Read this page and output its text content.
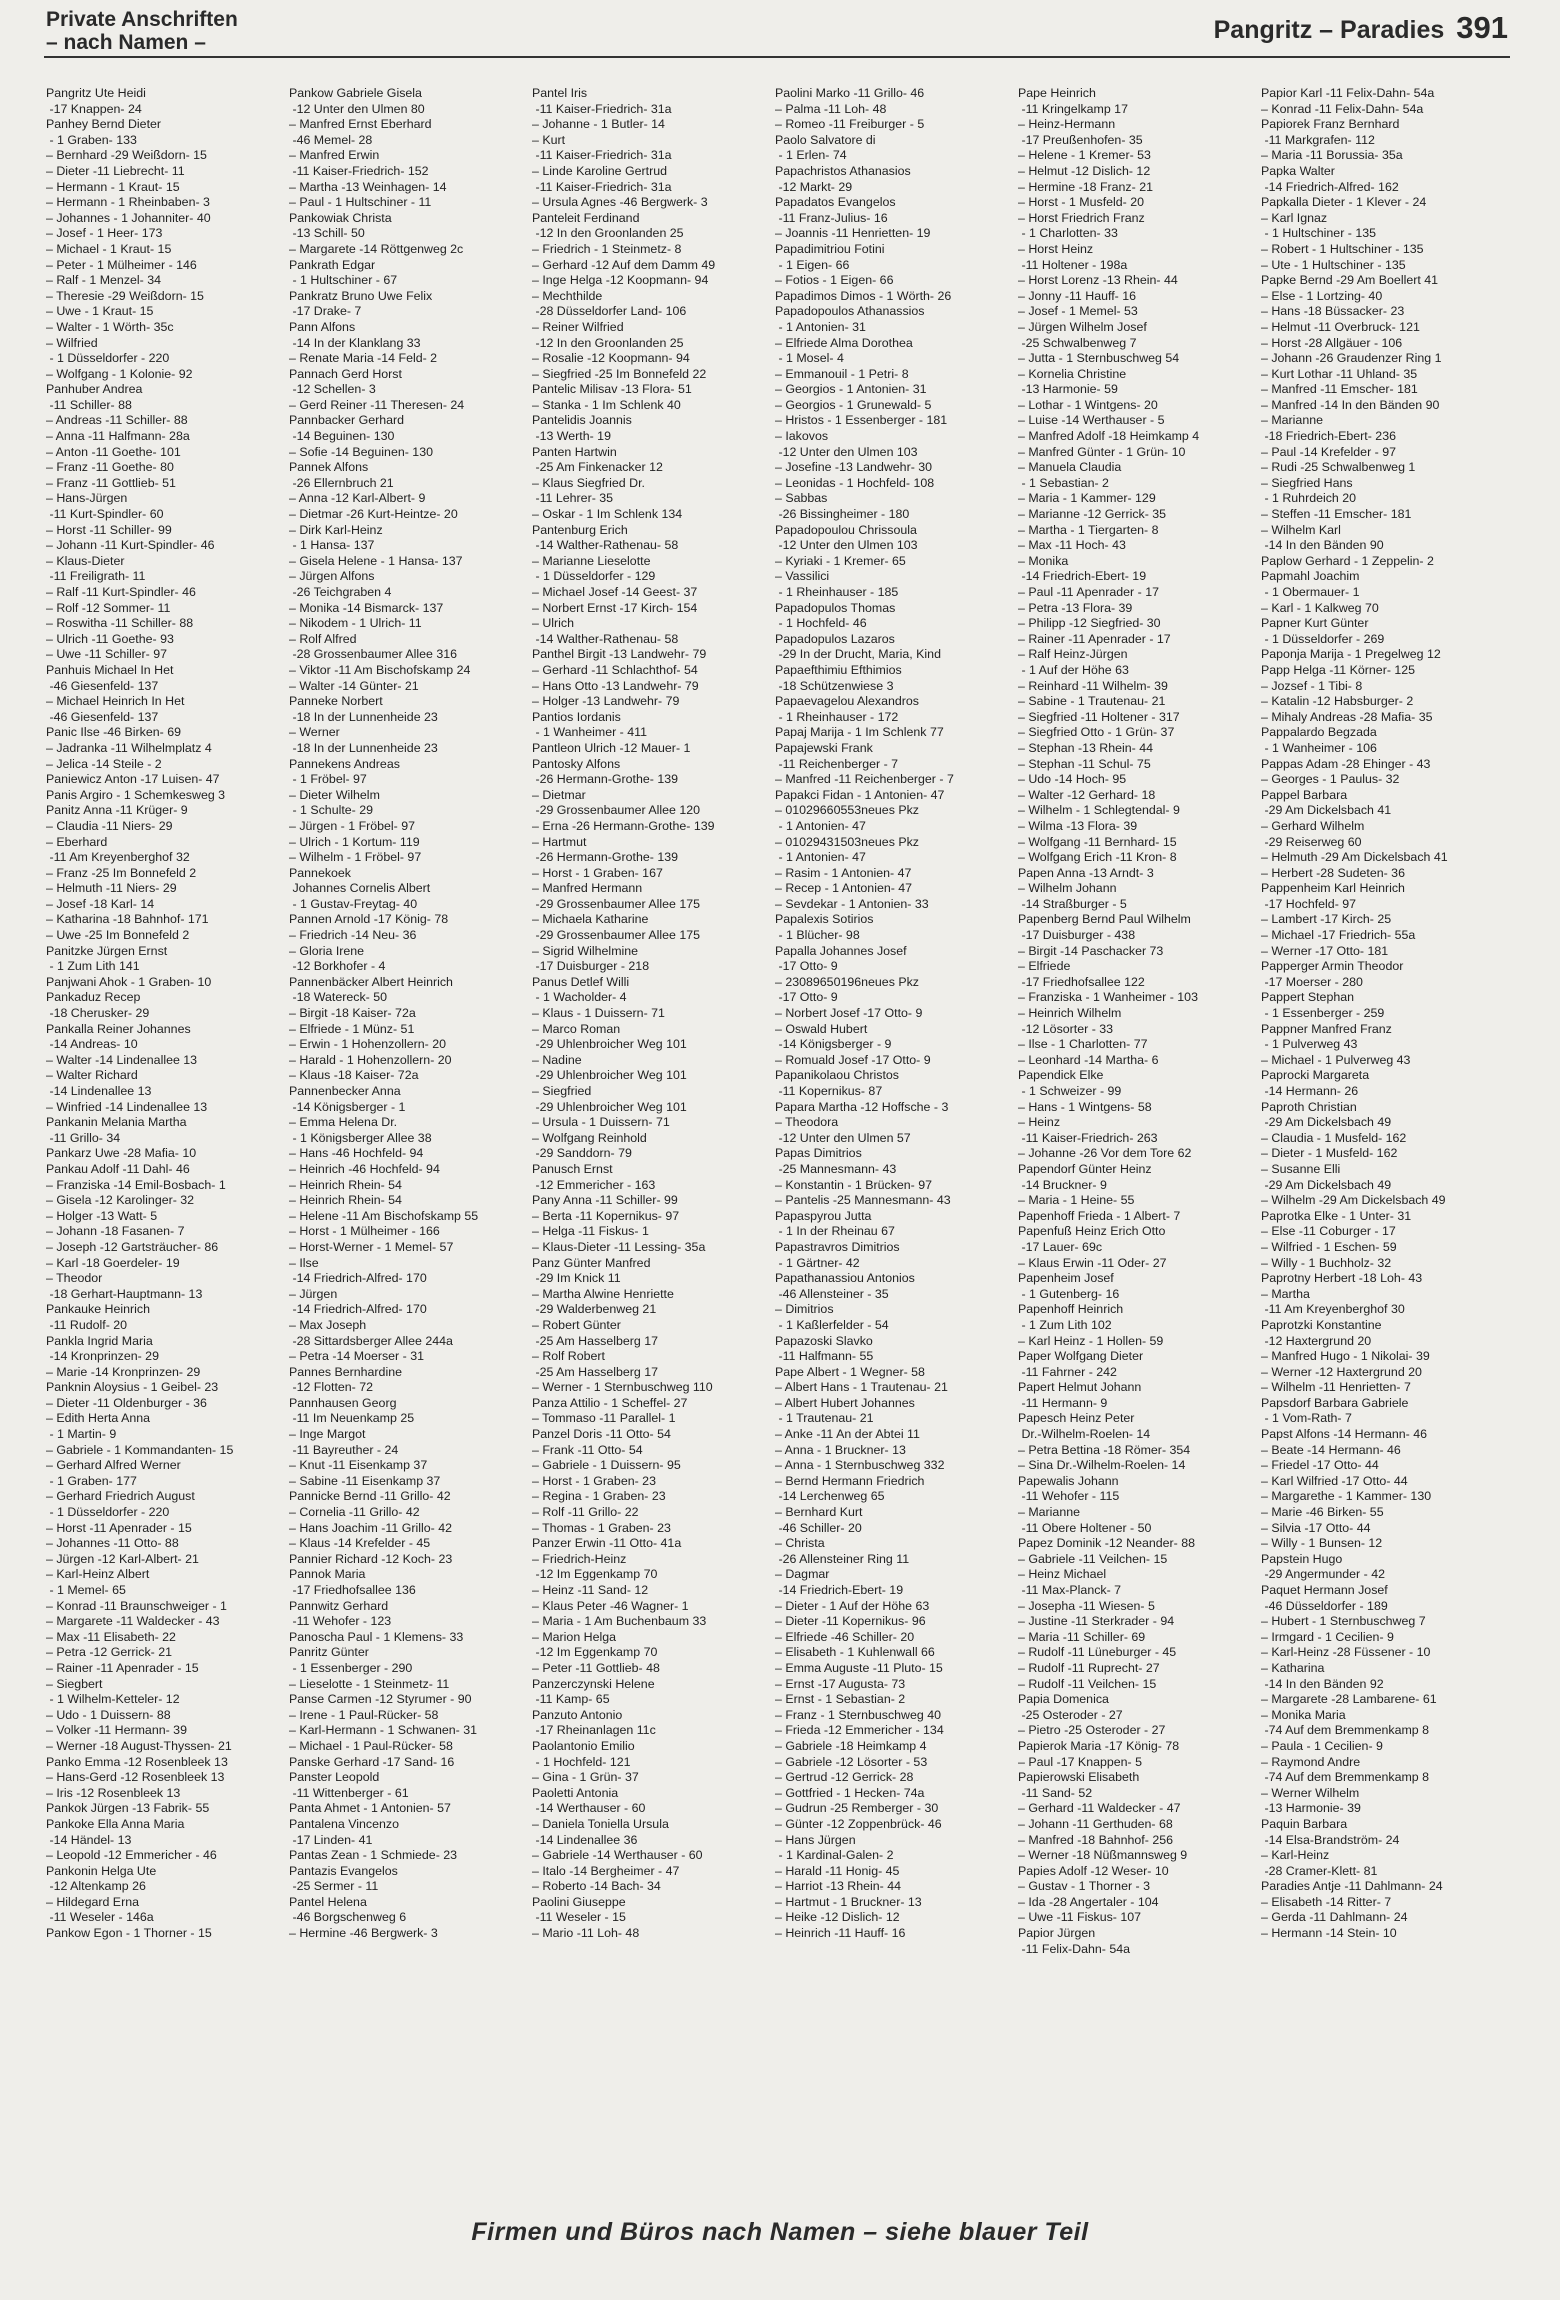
Private Anschriften
– nach Namen –	Pangritz – Paradies 391
Pangritz Ute Heidi
-17 Knappen- 24
Panhey Bernd Dieter
- 1 Graben- 133
– Bernhard -29 Weißdorn- 15
– Dieter -11 Liebrecht- 11
– Hermann - 1 Kraut- 15
– Hermann - 1 Rheinbaben- 3
– Johannes - 1 Johanniter- 40
– Josef - 1 Heer- 173
– Michael - 1 Kraut- 15
– Peter - 1 Mülheimer - 146
– Ralf - 1 Menzel- 34
– Theresie -29 Weißdorn- 15
– Uwe - 1 Kraut- 15
– Walter - 1 Wörth- 35c
– Wilfried
- 1 Düsseldorfer - 220
– Wolfgang - 1 Kolonie- 92
Panhuber Andrea
-11 Schiller- 88
– Andreas -11 Schiller- 88
– Anna -11 Halfmann- 28a
– Anton -11 Goethe- 101
– Franz -11 Goethe- 80
– Franz -11 Gottlieb- 51
– Hans-Jürgen
-11 Kurt-Spindler- 60
– Horst -11 Schiller- 99
– Johann -11 Kurt-Spindler- 46
– Klaus-Dieter
-11 Freiligrath- 11
– Ralf -11 Kurt-Spindler- 46
– Rolf -12 Sommer- 11
– Roswitha -11 Schiller- 88
– Ulrich -11 Goethe- 93
– Uwe -11 Schiller- 97
Panhuis Michael In Het
-46 Giesenfeld- 137
– Michael Heinrich In Het
-46 Giesenfeld- 137
Panic Ilse -46 Birken- 69
– Jadranka -11 Wilhelmplatz 4
– Jelica -14 Steile - 2
Paniewicz Anton -17 Luisen- 47
Panis Argiro - 1 Schemkesweg 3
Panitz Anna -11 Krüger- 9
– Claudia -11 Niers- 29
– Eberhard
-11 Am Kreyenberghof 32
– Franz -25 Im Bonnefeld 2
– Helmuth -11 Niers- 29
– Josef -18 Karl- 14
– Katharina -18 Bahnhof- 171
– Uwe -25 Im Bonnefeld 2
Panitzke Jürgen Ernst
- 1 Zum Lith 141
Panjwani Ahok - 1 Graben- 10
Pankaduz Recep
-18 Cherusker- 29
Pankalla Reiner Johannes
-14 Andreas- 10
– Walter -14 Lindenallee 13
– Walter Richard
-14 Lindenallee 13
– Winfried -14 Lindenallee 13
Pankanin Melania Martha
-11 Grillo- 34
Pankarz Uwe -28 Mafia- 10
Pankau Adolf -11 Dahl- 46
– Franziska -14 Emil-Bosbach- 1
– Gisela -12 Karolinger- 32
– Holger -13 Watt- 5
– Johann -18 Fasanen- 7
– Joseph -12 Gartsträucher- 86
– Karl -18 Goerdeler- 19
– Theodor
-18 Gerhart-Hauptmann- 13
Pankauke Heinrich
-11 Rudolf- 20
Pankla Ingrid Maria
-14 Kronprinzen- 29
– Marie -14 Kronprinzen- 29
Panknin Aloysius - 1 Geibel- 23
– Dieter -11 Oldenburger - 36
– Edith Herta Anna
- 1 Martin- 9
– Gabriele - 1 Kommandanten- 15
– Gerhard Alfred Werner
- 1 Graben- 177
– Gerhard Friedrich August
- 1 Düsseldorfer - 220
– Horst -11 Apenrader - 15
– Johannes -11 Otto- 88
– Jürgen -12 Karl-Albert- 21
– Karl-Heinz Albert
- 1 Memel- 65
– Konrad -11 Braunschweiger - 1
– Margarete -11 Waldecker - 43
– Max -11 Elisabeth- 22
– Petra -12 Gerrick- 21
– Rainer -11 Apenrader - 15
– Siegbert
- 1 Wilhelm-Ketteler- 12
– Udo - 1 Duissern- 88
– Volker -11 Hermann- 39
– Werner -18 August-Thyssen- 21
Panko Emma -12 Rosenbleek 13
– Hans-Gerd -12 Rosenbleek 13
– Iris -12 Rosenbleek 13
Pankok Jürgen -13 Fabrik- 55
Pankoke Ella Anna Maria
-14 Händel- 13
– Leopold -12 Emmericher - 46
Pankonin Helga Ute
-12 Altenkamp 26
– Hildegard Erna
-11 Weseler - 146a
Pankow Egon - 1 Thorner - 15
Pankow Gabriele Gisela
-12 Unter den Ulmen 80
– Manfred Ernst Eberhard
-46 Memel- 28
– Manfred Erwin
-11 Kaiser-Friedrich- 152
– Martha -13 Weinhagen- 14
– Paul - 1 Hultschiner - 11
Pankowiak Christa
-13 Schill- 50
– Margarete -14 Röttgenweg 2c
Pankrath Edgar
- 1 Hultschiner - 67
Pankratz Bruno Uwe Felix
-17 Drake- 7
Pann Alfons
-14 In der Klanklang 33
– Renate Maria -14 Feld- 2
Pannach Gerd Horst
-12 Schellen- 3
– Gerd Reiner -11 Theresen- 24
Pannbacker Gerhard
-14 Beguinen- 130
– Sofie -14 Beguinen- 130
Pannek Alfons
-26 Ellernbruch 21
– Anna -12 Karl-Albert- 9
– Dietmar -26 Kurt-Heintze- 20
– Dirk Karl-Heinz
- 1 Hansa- 137
– Gisela Helene - 1 Hansa- 137
– Jürgen Alfons
-26 Teichgraben 4
– Monika -14 Bismarck- 137
– Nikodem - 1 Ulrich- 11
– Rolf Alfred
-28 Grossenbaumer Allee 316
– Viktor -11 Am Bischofskamp 24
– Walter -14 Günter- 21
Panneke Norbert
-18 In der Lunnenheide 23
– Werner
-18 In der Lunnenheide 23
Pannekens Andreas
- 1 Fröbel- 97
– Dieter Wilhelm
- 1 Schulte- 29
– Jürgen - 1 Fröbel- 97
– Ulrich - 1 Kortum- 119
– Wilhelm - 1 Fröbel- 97
Pannekoek
Johannes Cornelis Albert
- 1 Gustav-Freytag- 40
Pannen Arnold -17 König- 78
– Friedrich -14 Neu- 36
– Gloria Irene
-12 Borkhofer - 4
Pannenbäcker Albert Heinrich
-18 Watereck- 50
– Birgit -18 Kaiser- 72a
– Elfriede - 1 Münz- 51
– Erwin - 1 Hohenzollern- 20
– Harald - 1 Hohenzollern- 20
– Klaus -18 Kaiser- 72a
Pannenbecker Anna
-14 Königsberger - 1
– Emma Helena Dr.
- 1 Königsberger Allee 38
– Hans -46 Hochfeld- 94
– Heinrich -46 Hochfeld- 94
– Heinrich Rhein- 54
– Heinrich Rhein- 54
– Helene -11 Am Bischofskamp 55
– Horst - 1 Mülheimer - 166
– Horst-Werner - 1 Memel- 57
– Ilse
-14 Friedrich-Alfred- 170
– Jürgen
-14 Friedrich-Alfred- 170
– Max Joseph
-28 Sittardsberger Allee 244a
– Petra -14 Moerser - 31
Pannes Bernhardine
-12 Flotten- 72
Pannhausen Georg
-11 Im Neuenkamp 25
– Inge Margot
-11 Bayreuther - 24
– Knut -11 Eisenkamp 37
– Sabine -11 Eisenkamp 37
Pannicke Bernd -11 Grillo- 42
– Cornelia -11 Grillo- 42
– Hans Joachim -11 Grillo- 42
– Klaus -14 Krefelder - 45
Pannier Richard -12 Koch- 23
Pannok Maria
-17 Friedhofsallee 136
Pannwitz Gerhard
-11 Wehofer - 123
Panoscha Paul - 1 Klemens- 33
Panritz Günter
- 1 Essenberger - 290
– Lieselotte - 1 Steinmetz- 11
Panse Carmen -12 Styrumer - 90
– Irene - 1 Paul-Rücker- 58
– Karl-Hermann - 1 Schwanen- 31
– Michael - 1 Paul-Rücker- 58
Panske Gerhard -17 Sand- 16
Panster Leopold
-11 Wittenberger - 61
Panta Ahmet - 1 Antonien- 57
Pantalena Vincenzo
-17 Linden- 41
Pantas Zean - 1 Schmiede- 23
Pantazis Evangelos
-25 Sermer - 11
Pantel Helena
-46 Borgschenweg 6
– Hermine -46 Bergwerk- 3
Pantel Iris
-11 Kaiser-Friedrich- 31a
– Johanne - 1 Butler- 14
– Kurt
-11 Kaiser-Friedrich- 31a
– Linde Karoline Gertrud
-11 Kaiser-Friedrich- 31a
– Ursula Agnes -46 Bergwerk- 3
Panteleit Ferdinand
-12 In den Groonlanden 25
– Friedrich - 1 Steinmetz- 8
– Gerhard -12 Auf dem Damm 49
– Inge Helga -12 Koopmann- 94
– Mechthilde
-28 Düsseldorfer Land- 106
– Reiner Wilfried
-12 In den Groonlanden 25
– Rosalie -12 Koopmann- 94
– Siegfried -25 Im Bonnefeld 22
Pantelic Milisav -13 Flora- 51
– Stanka - 1 Im Schlenk 40
Pantelidis Joannis
-13 Werth- 19
Panten Hartwin
-25 Am Finkenacker 12
– Klaus Siegfried Dr.
-11 Lehrer- 35
– Oskar - 1 Im Schlenk 134
Pantenburg Erich
-14 Walther-Rathenau- 58
– Marianne Lieselotte
- 1 Düsseldorfer - 129
– Michael Josef -14 Geest- 37
– Norbert Ernst -17 Kirch- 154
– Ulrich
-14 Walther-Rathenau- 58
Panthel Birgit -13 Landwehr- 79
– Gerhard -11 Schlachthof- 54
– Hans Otto -13 Landwehr- 79
– Holger -13 Landwehr- 79
Pantios Iordanis
- 1 Wanheimer - 411
Pantleon Ulrich -12 Mauer- 1
Pantosky Alfons
-26 Hermann-Grothe- 139
– Dietmar
-29 Grossenbaumer Allee 120
– Erna -26 Hermann-Grothe- 139
– Hartmut
-26 Hermann-Grothe- 139
– Horst - 1 Graben- 167
– Manfred Hermann
-29 Grossenbaumer Allee 175
– Michaela Katharine
-29 Grossenbaumer Allee 175
– Sigrid Wilhelmine
-17 Duisburger - 218
Panus Detlef Willi
- 1 Wacholder- 4
– Klaus - 1 Duissern- 71
– Marco Roman
-29 Uhlenbroicher Weg 101
– Nadine
-29 Uhlenbroicher Weg 101
– Siegfried
-29 Uhlenbroicher Weg 101
– Ursula - 1 Duissern- 71
– Wolfgang Reinhold
-29 Sanddorn- 79
Panusch Ernst
-12 Emmericher - 163
Pany Anna -11 Schiller- 99
– Berta -11 Kopernikus- 97
– Helga -11 Fiskus- 1
– Klaus-Dieter -11 Lessing- 35a
Panz Günter Manfred
-29 Im Knick 11
– Martha Alwine Henriette
-29 Walderbenweg 21
– Robert Günter
-25 Am Hasselberg 17
– Rolf Robert
-25 Am Hasselberg 17
– Werner - 1 Sternbuschweg 110
Panza Attilio - 1 Scheffel- 27
– Tommaso -11 Parallel- 1
Panzel Doris -11 Otto- 54
– Frank -11 Otto- 54
– Gabriele - 1 Duissern- 95
– Horst - 1 Graben- 23
– Regina - 1 Graben- 23
– Rolf -11 Grillo- 22
– Thomas - 1 Graben- 23
Panzer Erwin -11 Otto- 41a
– Friedrich-Heinz
-12 Im Eggenkamp 70
– Heinz -11 Sand- 12
– Klaus Peter -46 Wagner- 1
– Maria - 1 Am Buchenbaum 33
– Marion Helga
-12 Im Eggenkamp 70
– Peter -11 Gottlieb- 48
Panzerczynski Helene
-11 Kamp- 65
Panzuto Antonio
-17 Rheinanlagen 11c
Paolantonio Emilio
- 1 Hochfeld- 121
– Gina - 1 Grün- 37
Paoletti Antonia
-14 Werthauser - 60
– Daniela Toniella Ursula
-14 Lindenallee 36
– Gabriele -14 Werthauser - 60
– Italo -14 Bergheimer - 47
– Roberto -14 Bach- 34
Paolini Giuseppe
-11 Weseler - 15
– Mario -11 Loh- 48
Paolini Marko -11 Grillo- 46
– Palma -11 Loh- 48
– Romeo -11 Freiburger - 5
Paolo Salvatore di
- 1 Erlen- 74
Papachristos Athanasios
-12 Markt- 29
Papadatos Evangelos
-11 Franz-Julius- 16
– Joannis -11 Henrietten- 19
Papadimitriou Fotini
- 1 Eigen- 66
– Fotios - 1 Eigen- 66
Papadimos Dimos - 1 Wörth- 26
Papadopoulos Athanassios
- 1 Antonien- 31
– Elfriede Alma Dorothea
- 1 Mosel- 4
– Emmanouil - 1 Petri- 8
– Georgios - 1 Antonien- 31
– Georgios - 1 Grunewald- 5
– Hristos - 1 Essenberger - 181
– Iakovos
-12 Unter den Ulmen 103
– Josefine -13 Landwehr- 30
– Leonidas - 1 Hochfeld- 108
– Sabbas
-26 Bissingheimer - 180
Papadopoulou Chrissoula
-12 Unter den Ulmen 103
– Kyriaki - 1 Kremer- 65
– Vassilici
- 1 Rheinhauser - 185
Papadopulos Thomas
- 1 Hochfeld- 46
Papadopulos Lazaros
-29 In der Drucht, Maria, Kind
Papaefthimiu Efthimios
-18 Schützenwiese 3
Papaevagelou Alexandros
- 1 Rheinhauser - 172
Papaj Marija - 1 Im Schlenk 77
Papajewski Frank
-11 Reichenberger - 7
– Manfred -11 Reichenberger - 7
Papakci Fidan - 1 Antonien- 47
– 01029660553neues Pkz
- 1 Antonien- 47
– 01029431503neues Pkz
- 1 Antonien- 47
– Rasim - 1 Antonien- 47
– Recep - 1 Antonien- 47
– Sevdekar - 1 Antonien- 33
Papalexis Sotirios
- 1 Blücher- 98
Papalla Johannes Josef
-17 Otto- 9
– 23089650196neues Pkz
-17 Otto- 9
– Norbert Josef -17 Otto- 9
– Oswald Hubert
-14 Königsberger - 9
– Romuald Josef -17 Otto- 9
Papanikolaou Christos
-11 Kopernikus- 87
Papara Martha -12 Hoffsche - 3
– Theodora
-12 Unter den Ulmen 57
Papas Dimitrios
-25 Mannesmann- 43
– Konstantin - 1 Brücken- 97
– Pantelis -25 Mannesmann- 43
Papaspyrou Jutta
- 1 In der Rheinau 67
Papastravros Dimitrios
- 1 Gärtner- 42
Papathanassiou Antonios
-46 Allensteiner - 35
– Dimitrios
- 1 Kaßlerfelder - 54
Papazoski Slavko
-11 Halfmann- 55
Pape Albert - 1 Wegner- 58
– Albert Hans - 1 Trautenau- 21
– Albert Hubert Johannes
- 1 Trautenau- 21
– Anke -11 An der Abtei 11
– Anna - 1 Bruckner- 13
– Anna - 1 Sternbuschweg 332
– Bernd Hermann Friedrich
-14 Lerchenweg 65
– Bernhard Kurt
-46 Schiller- 20
– Christa
-26 Allensteiner Ring 11
– Dagmar
-14 Friedrich-Ebert- 19
– Dieter - 1 Auf der Höhe 63
– Dieter -11 Kopernikus- 96
– Elfriede -46 Schiller- 20
– Elisabeth - 1 Kuhlenwall 66
– Emma Auguste -11 Pluto- 15
– Ernst -17 Augusta- 73
– Ernst - 1 Sebastian- 2
– Franz - 1 Sternbuschweg 40
– Frieda -12 Emmericher - 134
– Gabriele -18 Heimkamp 4
– Gabriele -12 Lösorter - 53
– Gertrud -12 Gerrick- 28
– Gottfried - 1 Hecken- 74a
– Gudrun -25 Remberger - 30
– Günter -12 Zoppenbrück- 46
– Hans Jürgen
- 1 Kardinal-Galen- 2
– Harald -11 Honig- 45
– Harriot -13 Rhein- 44
– Hartmut - 1 Bruckner- 13
– Heike -12 Dislich- 12
– Heinrich -11 Hauff- 16
Pape Heinrich
-11 Kringelkamp 17
– Heinz-Hermann
-17 Preußenhofen- 35
– Helene - 1 Kremer- 53
– Helmut -12 Dislich- 12
– Hermine -18 Franz- 21
– Horst - 1 Musfeld- 20
– Horst Friedrich Franz
- 1 Charlotten- 33
– Horst Heinz
-11 Holtener - 198a
– Horst Lorenz -13 Rhein- 44
– Jonny -11 Hauff- 16
– Josef - 1 Memel- 53
– Jürgen Wilhelm Josef
-25 Schwalbenweg 7
– Jutta - 1 Sternbuschweg 54
– Kornelia Christine
-13 Harmonie- 59
– Lothar - 1 Wintgens- 20
– Luise -14 Werthauser - 5
– Manfred Adolf -18 Heimkamp 4
– Manfred Günter - 1 Grün- 10
– Manuela Claudia
- 1 Sebastian- 2
– Maria - 1 Kammer- 129
– Marianne -12 Gerrick- 35
– Martha - 1 Tiergarten- 8
– Max -11 Hoch- 43
– Monika
-14 Friedrich-Ebert- 19
– Paul -11 Apenrader - 17
– Petra -13 Flora- 39
– Philipp -12 Siegfried- 30
– Rainer -11 Apenrader - 17
– Ralf Heinz-Jürgen
- 1 Auf der Höhe 63
– Reinhard -11 Wilhelm- 39
– Sabine - 1 Trautenau- 21
– Siegfried -11 Holtener - 317
– Siegfried Otto - 1 Grün- 37
– Stephan -13 Rhein- 44
– Stephan -11 Schul- 75
– Udo -14 Hoch- 95
– Walter -12 Gerhard- 18
– Wilhelm - 1 Schlegtendal- 9
– Wilma -13 Flora- 39
– Wolfgang -11 Bernhard- 15
– Wolfgang Erich -11 Kron- 8
Papen Anna -13 Arndt- 3
– Wilhelm Johann
-14 Straßburger - 5
Papenberg Bernd Paul Wilhelm
-17 Duisburger - 438
– Birgit -14 Paschacker 73
– Elfriede
-17 Friedhofsallee 122
– Franziska - 1 Wanheimer - 103
– Heinrich Wilhelm
-12 Lösorter - 33
– Ilse - 1 Charlotten- 77
– Leonhard -14 Martha- 6
Papendick Elke
- 1 Schweizer - 99
– Hans - 1 Wintgens- 58
– Heinz
-11 Kaiser-Friedrich- 263
– Johanne -26 Vor dem Tore 62
Papendorf Günter Heinz
-14 Bruckner- 9
– Maria - 1 Heine- 55
Papenhoff Frieda - 1 Albert- 7
Papenfuß Heinz Erich Otto
-17 Lauer- 69c
– Klaus Erwin -11 Oder- 27
Papenheim Josef
- 1 Gutenberg- 16
Papenhoff Heinrich
- 1 Zum Lith 102
– Karl Heinz - 1 Hollen- 59
Paper Wolfgang Dieter
-11 Fahrner - 242
Papert Helmut Johann
-11 Hermann- 9
Papesch Heinz Peter
Dr.-Wilhelm-Roelen- 14
– Petra Bettina -18 Römer- 354
– Sina Dr.-Wilhelm-Roelen- 14
Papewalis Johann
-11 Wehofer - 115
– Marianne
-11 Obere Holtener - 50
Papez Dominik -12 Neander- 88
– Gabriele -11 Veilchen- 15
– Heinz Michael
-11 Max-Planck- 7
– Josepha -11 Wiesen- 5
– Justine -11 Sterkrader - 94
– Maria -11 Schiller- 69
– Rudolf -11 Lüneburger - 45
– Rudolf -11 Ruprecht- 27
– Rudolf -11 Veilchen- 15
Papia Domenica
-25 Osteroder - 27
– Pietro -25 Osteroder - 27
Papierok Maria -17 König- 78
– Paul -17 Knappen- 5
Papierowski Elisabeth
-11 Sand- 52
– Gerhard -11 Waldecker - 47
– Johann -11 Gerthuden- 68
– Manfred -18 Bahnhof- 256
– Werner -18 Nüßmannsweg 9
Papies Adolf -12 Weser- 10
– Gustav - 1 Thorner - 3
– Ida -28 Angertaler - 104
– Uwe -11 Fiskus- 107
Papior Jürgen
-11 Felix-Dahn- 54a
Papior Karl -11 Felix-Dahn- 54a
– Konrad -11 Felix-Dahn- 54a
Papiorek Franz Bernhard
-11 Markgrafen- 112
– Maria -11 Borussia- 35a
Papka Walter
-14 Friedrich-Alfred- 162
Papkalla Dieter - 1 Klever - 24
– Karl Ignaz
- 1 Hultschiner - 135
– Robert - 1 Hultschiner - 135
– Ute - 1 Hultschiner - 135
Papke Bernd -29 Am Boellert 41
– Else - 1 Lortzing- 40
– Hans -18 Büssacker- 23
– Helmut -11 Overbruck- 121
– Horst -28 Allgäuer - 106
– Johann -26 Graudenzer Ring 1
– Kurt Lothar -11 Uhland- 35
– Manfred -11 Emscher- 181
– Manfred -14 In den Bänden 90
– Marianne
-18 Friedrich-Ebert- 236
– Paul -14 Krefelder - 97
– Rudi -25 Schwalbenweg 1
– Siegfried Hans
- 1 Ruhrdeich 20
– Steffen -11 Emscher- 181
– Wilhelm Karl
-14 In den Bänden 90
Paplow Gerhard - 1 Zeppelin- 2
Papmahl Joachim
- 1 Obermauer- 1
– Karl - 1 Kalkweg 70
Papner Kurt Günter
- 1 Düsseldorfer - 269
Paponja Marija - 1 Pregelweg 12
Papp Helga -11 Körner- 125
– Jozsef - 1 Tibi- 8
– Katalin -12 Habsburger- 2
– Mihaly Andreas -28 Mafia- 35
Pappalardo Begzada
- 1 Wanheimer - 106
Pappas Adam -28 Ehinger - 43
– Georges - 1 Paulus- 32
Pappel Barbara
-29 Am Dickelsbach 41
– Gerhard Wilhelm
-29 Reiserweg 60
– Helmuth -29 Am Dickelsbach 41
– Herbert -28 Sudeten- 36
Pappenheim Karl Heinrich
-17 Hochfeld- 97
– Lambert -17 Kirch- 25
– Michael -17 Friedrich- 55a
– Werner -17 Otto- 181
Papperger Armin Theodor
-17 Moerser - 280
Pappert Stephan
- 1 Essenberger - 259
Pappner Manfred Franz
- 1 Pulverweg 43
– Michael - 1 Pulverweg 43
Paprocki Margareta
-14 Hermann- 26
Paproth Christian
-29 Am Dickelsbach 49
– Claudia - 1 Musfeld- 162
– Dieter - 1 Musfeld- 162
– Susanne Elli
-29 Am Dickelsbach 49
– Wilhelm -29 Am Dickelsbach 49
Paprotka Elke - 1 Unter- 31
– Else -11 Coburger - 17
– Wilfried - 1 Eschen- 59
– Willy - 1 Buchholz- 32
Paprotny Herbert -18 Loh- 43
– Martha
-11 Am Kreyenberghof 30
Paprotzki Konstantine
-12 Haxtergrund 20
– Manfred Hugo - 1 Nikolai- 39
– Werner -12 Haxtergrund 20
– Wilhelm -11 Henrietten- 7
Papsdorf Barbara Gabriele
- 1 Vom-Rath- 7
Papst Alfons -14 Hermann- 46
– Beate -14 Hermann- 46
– Friedel -17 Otto- 44
– Karl Wilfried -17 Otto- 44
– Margarethe - 1 Kammer- 130
– Marie -46 Birken- 55
– Silvia -17 Otto- 44
– Willy - 1 Bunsen- 12
Papstein Hugo
-29 Angermunder - 42
Paquet Hermann Josef
-46 Düsseldorfer - 189
– Hubert - 1 Sternbuschweg 7
– Irmgard - 1 Cecilien- 9
– Karl-Heinz -28 Füssener - 10
– Katharina
-14 In den Bänden 92
– Margarete -28 Lambarene- 61
– Monika Maria
-74 Auf dem Bremmenkamp 8
– Paula - 1 Cecilien- 9
– Raymond Andre
-74 Auf dem Bremmenkamp 8
– Werner Wilhelm
-13 Harmonie- 39
Paquin Barbara
-14 Elsa-Brandström- 24
– Karl-Heinz
-28 Cramer-Klett- 81
Paradies Antje -11 Dahlmann- 24
– Elisabeth -14 Ritter- 7
– Gerda -11 Dahlmann- 24
– Hermann -14 Stein- 10
Firmen und Büros nach Namen – siehe blauer Teil
